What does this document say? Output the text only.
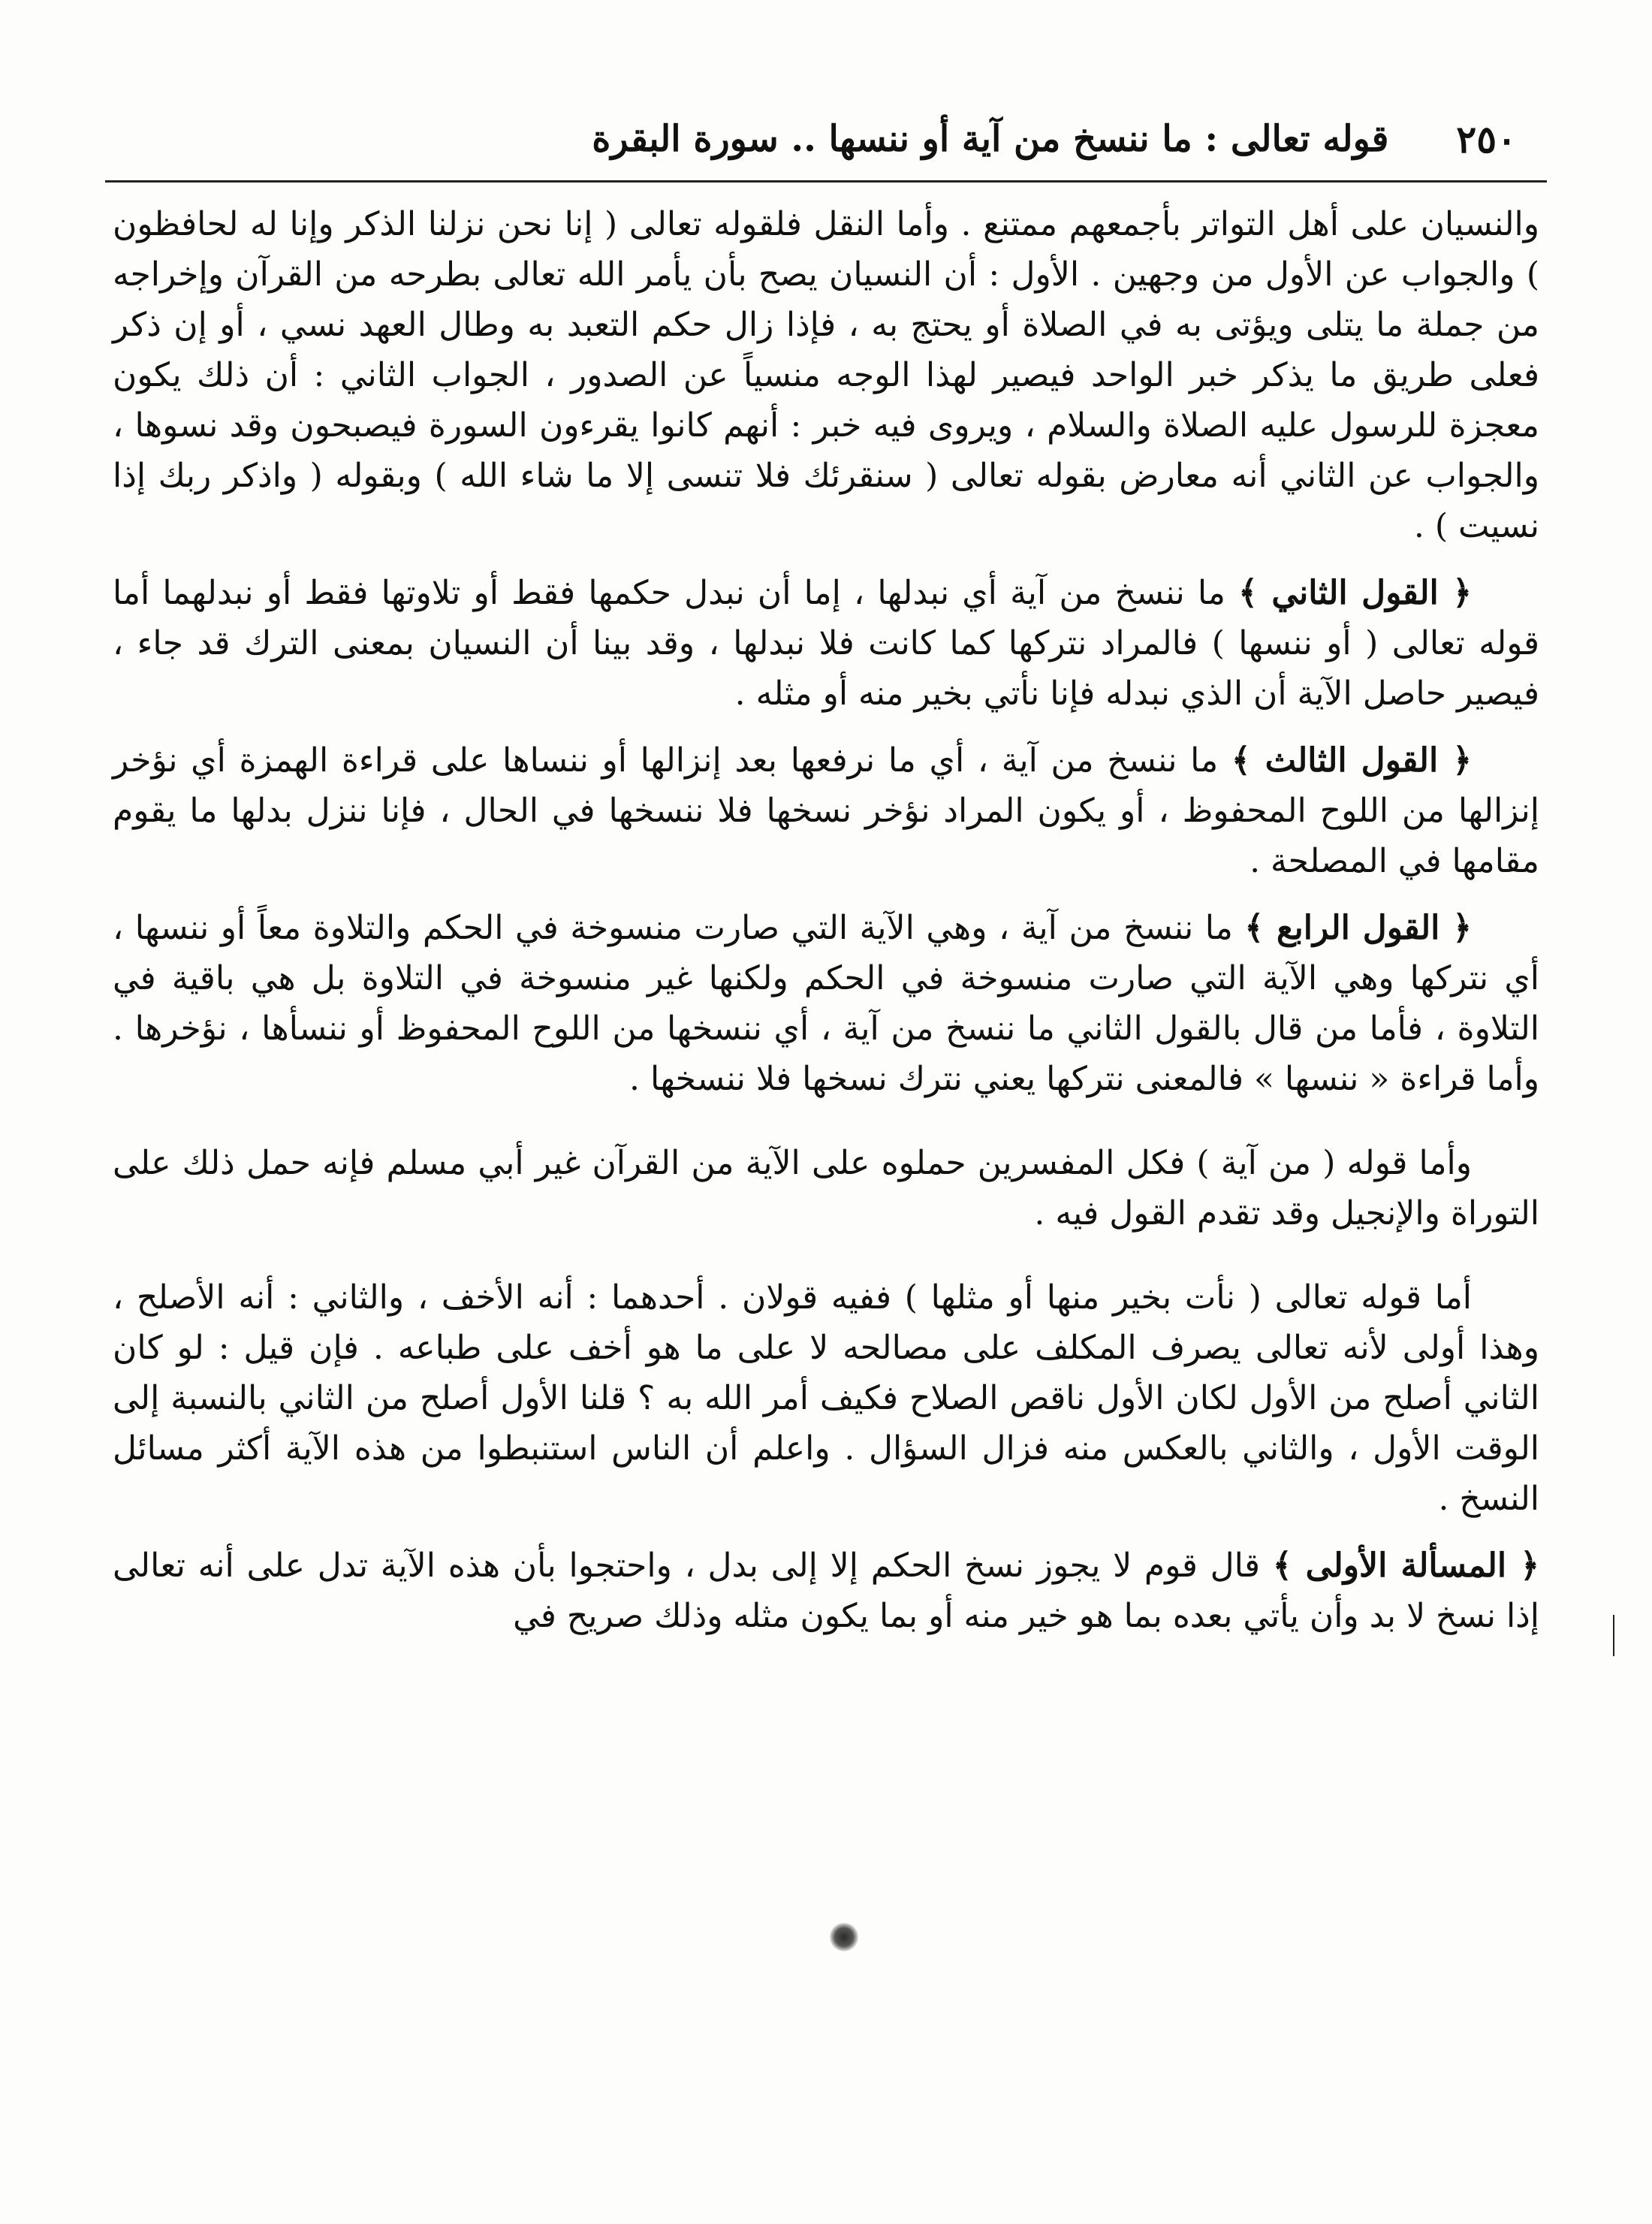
٢٥٠
قوله تعالى : ما ننسخ من آية أو ننسها .. سورة البقرة

والنسيان على أهل التواتر بأجمعهم ممتنع . وأما النقل فلقوله تعالى ( إنا نحن نزلنا الذكر وإنا له لحافظون ) والجواب عن الأول من وجهين . الأول : أن النسيان يصح بأن يأمر الله تعالى بطرحه من القرآن وإخراجه من جملة ما يتلى ويؤتى به في الصلاة أو يحتج به ، فإذا زال حكم التعبد به وطال العهد نسي ، أو إن ذكر فعلى طريق ما يذكر خبر الواحد فيصير لهذا الوجه منسياً عن الصدور ، الجواب الثاني : أن ذلك يكون معجزة للرسول عليه الصلاة والسلام ، ويروى فيه خبر : أنهم كانوا يقرءون السورة فيصبحون وقد نسوها ، والجواب عن الثاني أنه معارض بقوله تعالى ( سنقرئك فلا تنسى إلا ما شاء الله ) وبقوله ( واذكر ربك إذا نسيت ) .

﴿ القول الثاني ﴾ ما ننسخ من آية أي نبدلها ، إما أن نبدل حكمها فقط أو تلاوتها فقط أو نبدلهما أما قوله تعالى ( أو ننسها ) فالمراد نتركها كما كانت فلا نبدلها ، وقد بينا أن النسيان بمعنى الترك قد جاء ، فيصير حاصل الآية أن الذي نبدله فإنا نأتي بخير منه أو مثله .

﴿ القول الثالث ﴾ ما ننسخ من آية ، أي ما نرفعها بعد إنزالها أو ننساها على قراءة الهمزة أي نؤخر إنزالها من اللوح المحفوظ ، أو يكون المراد نؤخر نسخها فلا ننسخها في الحال ، فإنا ننزل بدلها ما يقوم مقامها في المصلحة .

﴿ القول الرابع ﴾ ما ننسخ من آية ، وهي الآية التي صارت منسوخة في الحكم والتلاوة معاً أو ننسها ، أي نتركها وهي الآية التي صارت منسوخة في الحكم ولكنها غير منسوخة في التلاوة بل هي باقية في التلاوة ، فأما من قال بالقول الثاني ما ننسخ من آية ، أي ننسخها من اللوح المحفوظ أو ننسأها ، نؤخرها . وأما قراءة « ننسها » فالمعنى نتركها يعني نترك نسخها فلا ننسخها .

وأما قوله ( من آية ) فكل المفسرين حملوه على الآية من القرآن غير أبي مسلم فإنه حمل ذلك على التوراة والإنجيل وقد تقدم القول فيه .

أما قوله تعالى ( نأت بخير منها أو مثلها ) ففيه قولان . أحدهما : أنه الأخف ، والثاني : أنه الأصلح ، وهذا أولى لأنه تعالى يصرف المكلف على مصالحه لا على ما هو أخف على طباعه . فإن قيل : لو كان الثاني أصلح من الأول لكان الأول ناقص الصلاح فكيف أمر الله به ؟ قلنا الأول أصلح من الثاني بالنسبة إلى الوقت الأول ، والثاني بالعكس منه فزال السؤال . واعلم أن الناس استنبطوا من هذه الآية أكثر مسائل النسخ .

﴿ المسألة الأولى ﴾ قال قوم لا يجوز نسخ الحكم إلا إلى بدل ، واحتجوا بأن هذه الآية تدل على أنه تعالى إذا نسخ لا بد وأن يأتي بعده بما هو خير منه أو بما يكون مثله وذلك صريح في
